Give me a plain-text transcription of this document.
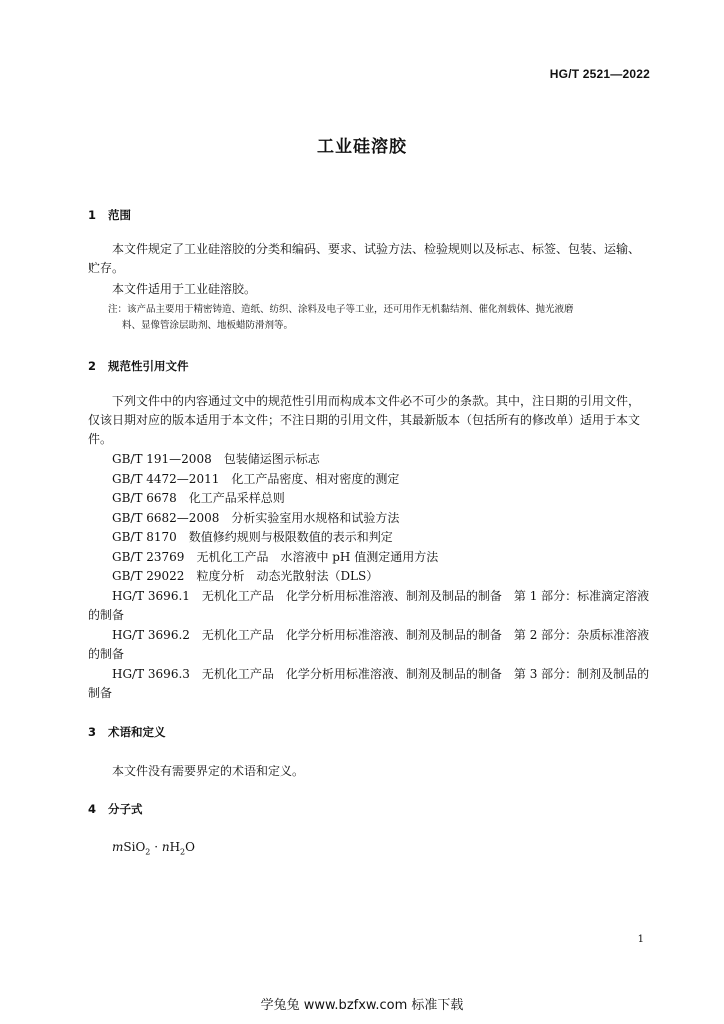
HG/T 2521—2022
工业硅溶胶
1 范围
本文件规定了工业硅溶胶的分类和编码、要求、试验方法、检验规则以及标志、标签、包装、运输、贮存。
本文件适用于工业硅溶胶。
注：该产品主要用于精密铸造、造纸、纺织、涂料及电子等工业，还可用作无机黏结剂、催化剂载体、抛光液磨
料、显像管涂层助剂、地板蜡防滑剂等。
2 规范性引用文件
下列文件中的内容通过文中的规范性引用而构成本文件必不可少的条款。其中，注日期的引用文件，仅该日期对应的版本适用于本文件；不注日期的引用文件，其最新版本（包括所有的修改单）适用于本文件。
GB/T 191—2008　包装储运图示标志
GB/T 4472—2011　化工产品密度、相对密度的测定
GB/T 6678　化工产品采样总则
GB/T 6682—2008　分析实验室用水规格和试验方法
GB/T 8170　数值修约规则与极限数值的表示和判定
GB/T 23769　无机化工产品　水溶液中 pH 值测定通用方法
GB/T 29022　粒度分析　动态光散射法（DLS）
HG/T 3696.1　无机化工产品　化学分析用标准溶液、制剂及制品的制备　第 1 部分：标准滴定溶液的制备
HG/T 3696.2　无机化工产品　化学分析用标准溶液、制剂及制品的制备　第 2 部分：杂质标准溶液的制备
HG/T 3696.3　无机化工产品　化学分析用标准溶液、制剂及制品的制备　第 3 部分：制剂及制品的制备
3 术语和定义
本文件没有需要界定的术语和定义。
4 分子式
mSiO$_2$ · $nH_2O$
1
学兔兔 www.bzfxw.com 标准下载
